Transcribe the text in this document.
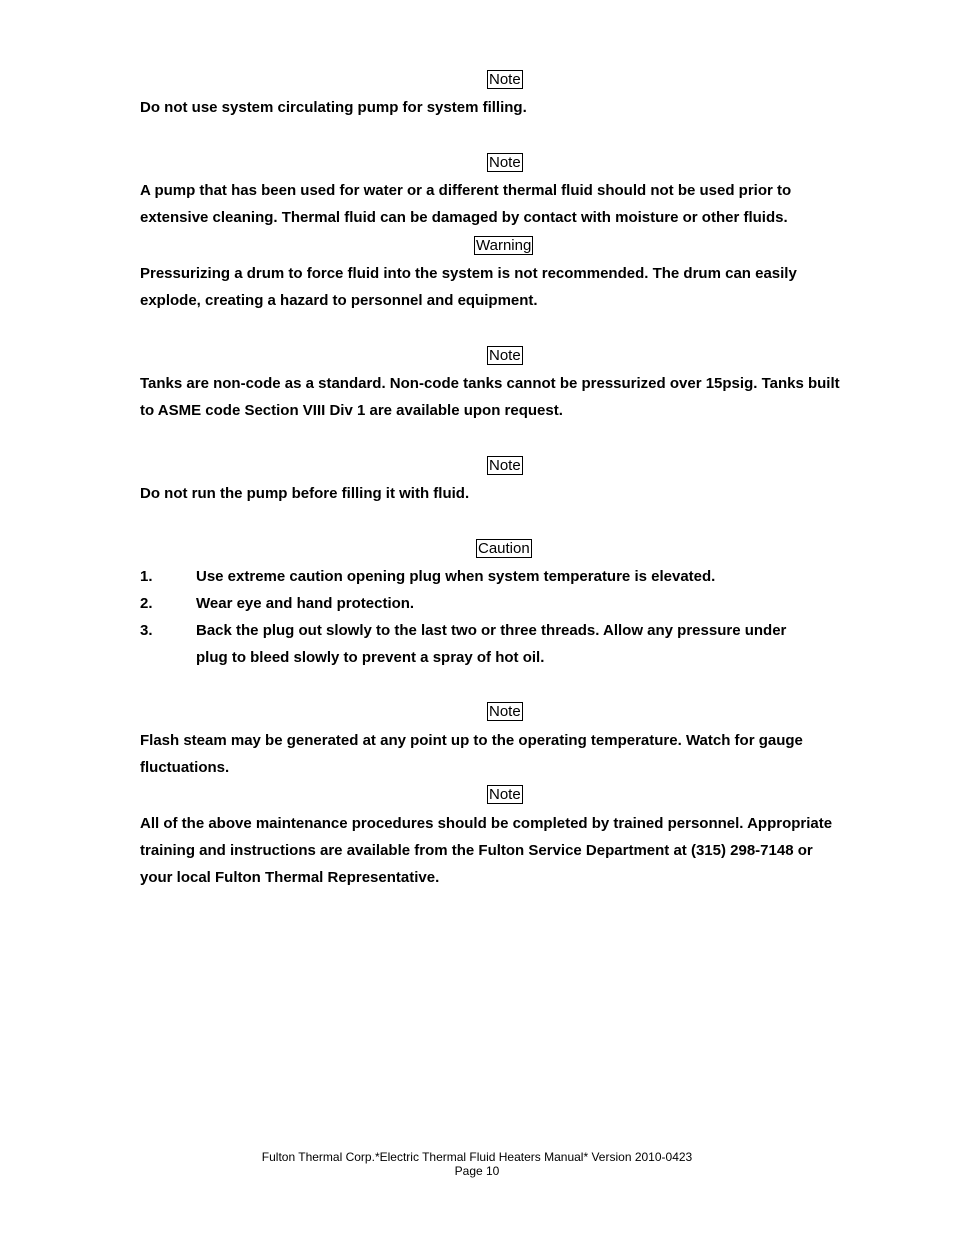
Note
Do not use system circulating pump for system filling.
Note
A pump that has been used for water or a different thermal fluid should not be used prior to
extensive cleaning. Thermal fluid can be damaged by contact with moisture or other fluids.
Warning
Pressurizing a drum to force fluid into the system is not recommended. The drum can easily
explode, creating a hazard to personnel and equipment.
Note
Tanks are non-code as a standard. Non-code tanks cannot be pressurized over 15psig. Tanks built
to ASME code Section VIII Div 1 are available upon request.
Note
Do not run the pump before filling it with fluid.
Caution
1.	Use extreme caution opening plug when system temperature is elevated.
2.	Wear eye and hand protection.
3.	Back the plug out slowly to the last two or three threads. Allow any pressure under
plug to bleed slowly to prevent a spray of hot oil.
Note
Flash steam may be generated at any point up to the operating temperature. Watch for gauge
fluctuations.
Note
All of the above maintenance procedures should be completed by trained personnel. Appropriate
training and instructions are available from the Fulton Service Department at (315) 298-7148 or
your local Fulton Thermal Representative.
Fulton Thermal Corp.*Electric Thermal Fluid Heaters Manual* Version 2010-0423
Page 10
